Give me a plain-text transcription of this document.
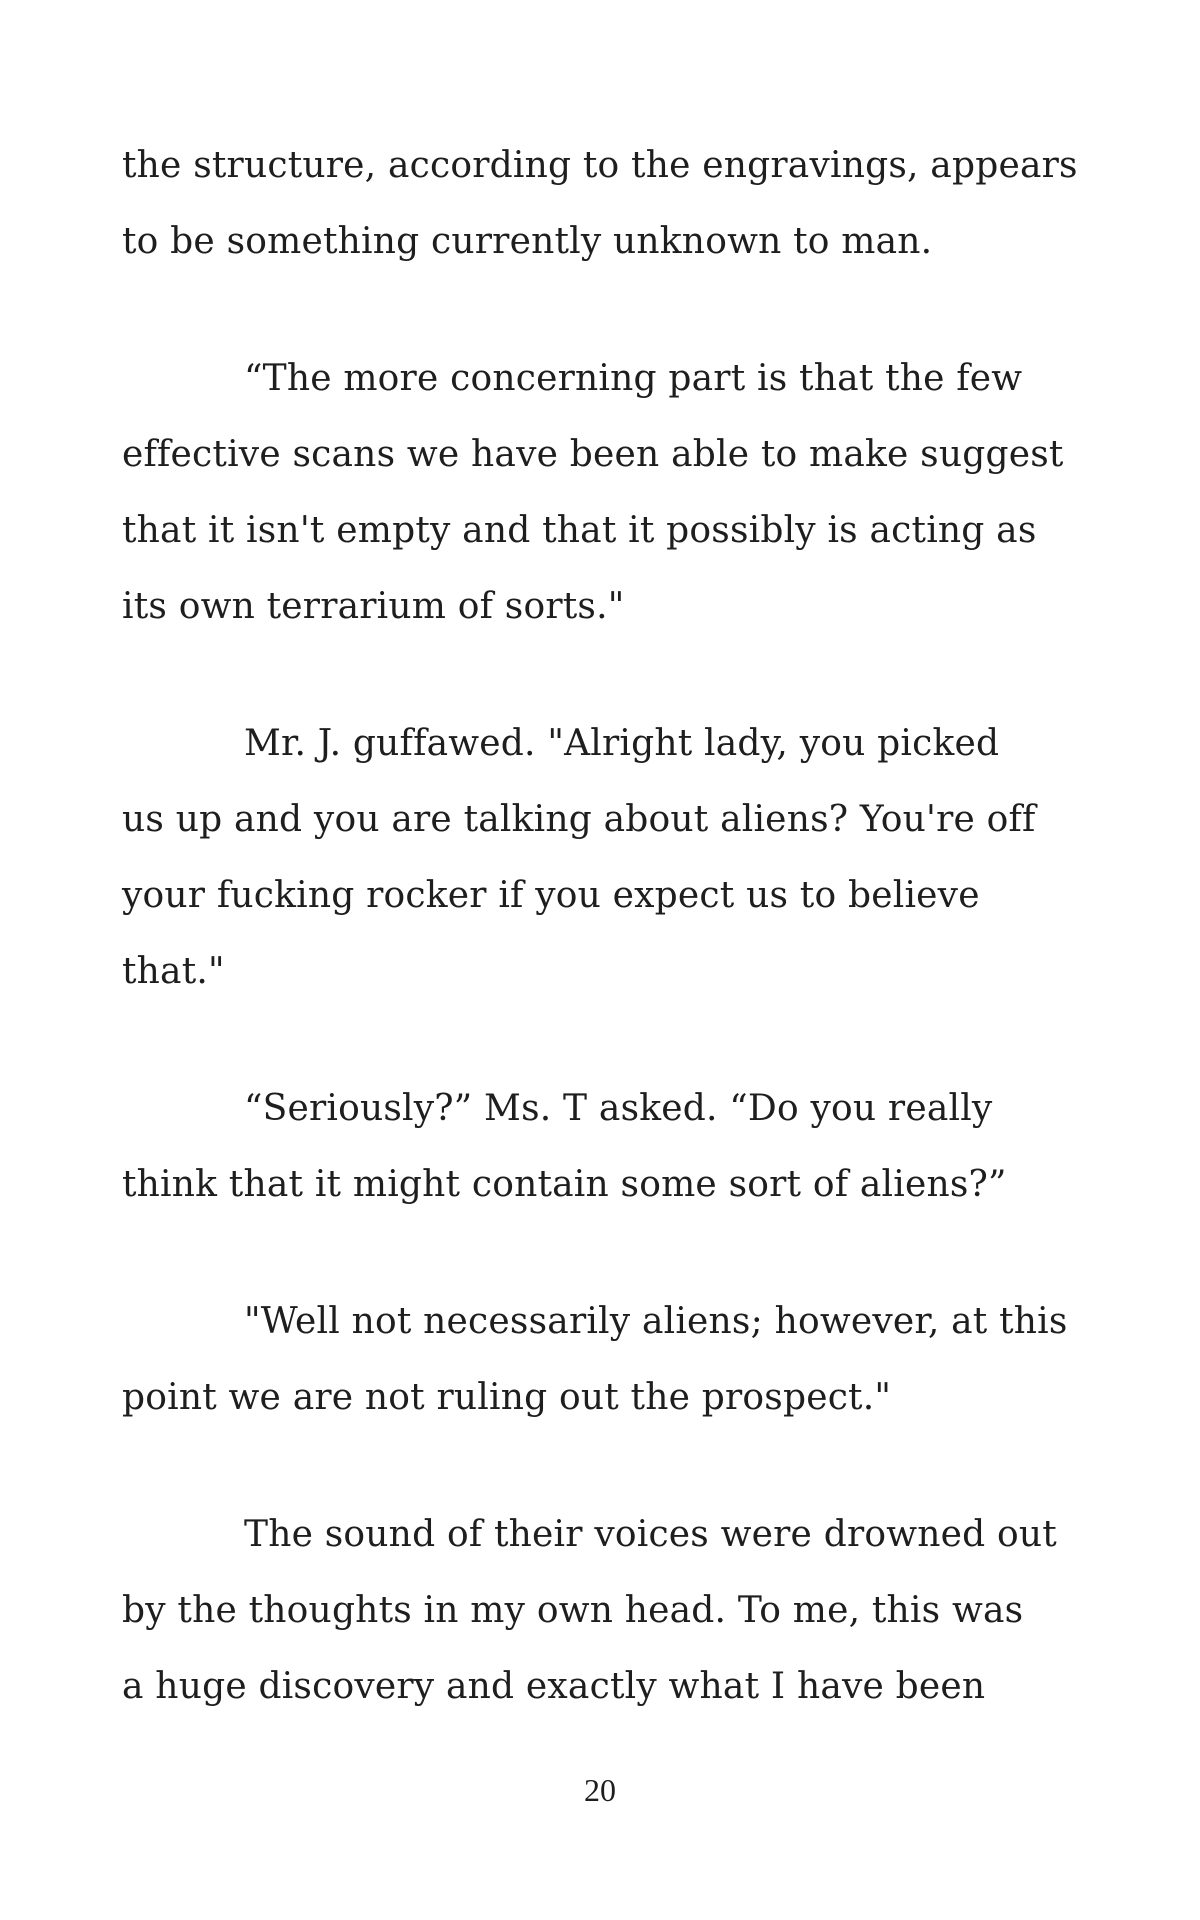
the structure, according to the engravings, appears
to be something currently unknown to man.

“The more concerning part is that the few
effective scans we have been able to make suggest
that it isn't empty and that it possibly is acting as
its own terrarium of sorts."

Mr. J. guffawed. "Alright lady, you picked
us up and you are talking about aliens? You're off
your fucking rocker if you expect us to believe
that."

“Seriously?” Ms. T asked. “Do you really
think that it might contain some sort of aliens?”

"Well not necessarily aliens; however, at this
point we are not ruling out the prospect."

The sound of their voices were drowned out
by the thoughts in my own head. To me, this was
a huge discovery and exactly what I have been

20
